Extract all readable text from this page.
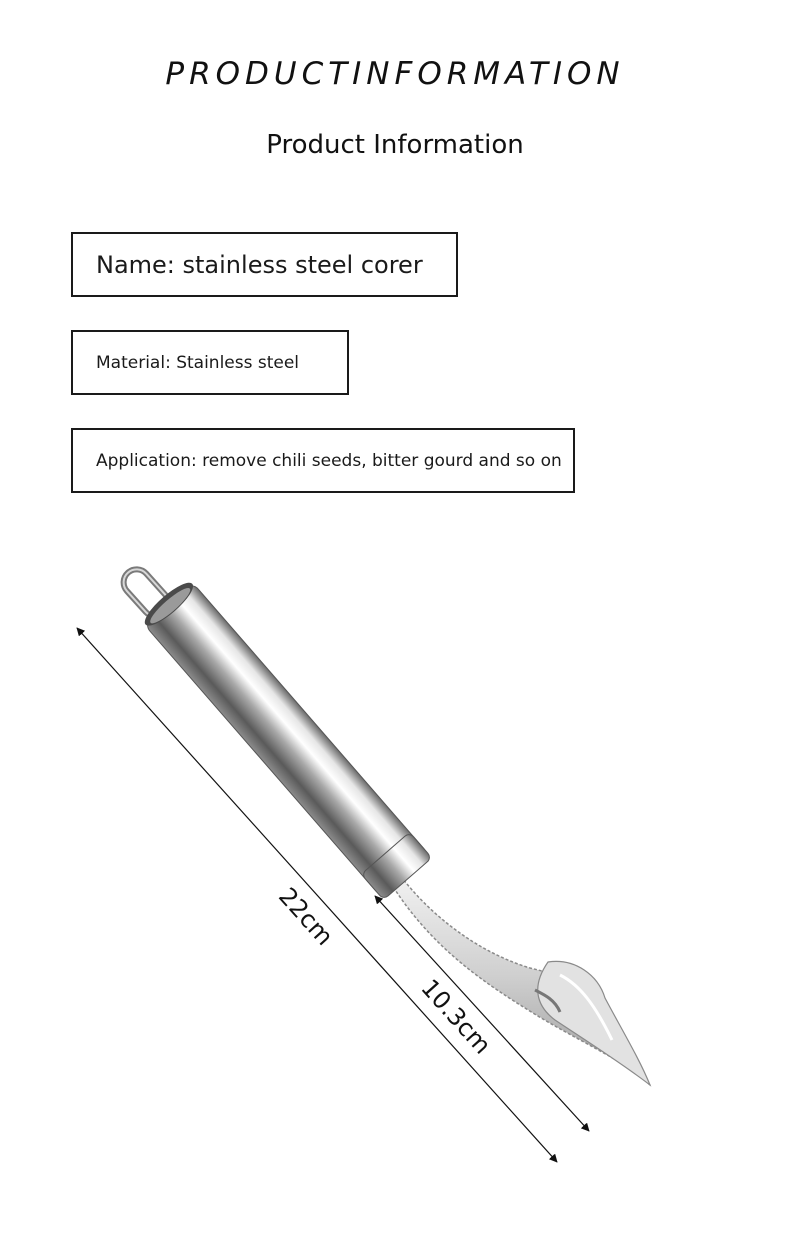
PRODUCTINFORMATION
Product Information
Name: stainless steel corer
Material: Stainless steel
Application: remove chili seeds, bitter gourd and so on
22cm
10.3cm
